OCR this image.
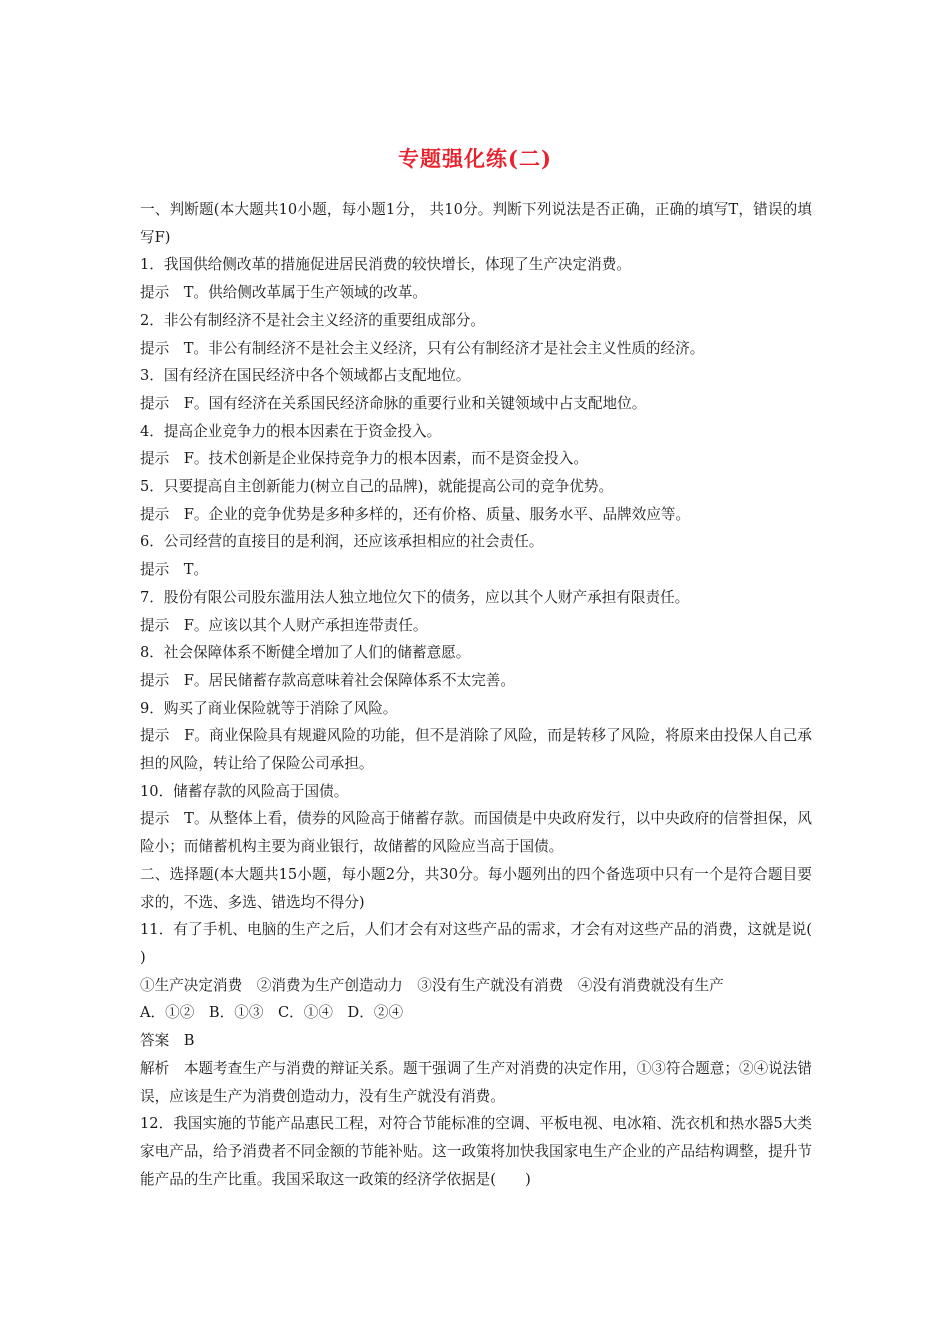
专题强化练(二)

一、判断题(本大题共10小题，每小题1分， 共10分。判断下列说法是否正确，正确的填写T，错误的填写F)

1．我国供给侧改革的措施促进居民消费的较快增长，体现了生产决定消费。

提示　T。供给侧改革属于生产领域的改革。

2．非公有制经济不是社会主义经济的重要组成部分。

提示　T。非公有制经济不是社会主义经济，只有公有制经济才是社会主义性质的经济。

3．国有经济在国民经济中各个领域都占支配地位。

提示　F。国有经济在关系国民经济命脉的重要行业和关键领域中占支配地位。

4．提高企业竞争力的根本因素在于资金投入。

提示　F。技术创新是企业保持竞争力的根本因素，而不是资金投入。

5．只要提高自主创新能力(树立自己的品牌)，就能提高公司的竞争优势。

提示　F。企业的竞争优势是多种多样的，还有价格、质量、服务水平、品牌效应等。

6．公司经营的直接目的是利润，还应该承担相应的社会责任。

提示　T。

7．股份有限公司股东滥用法人独立地位欠下的债务，应以其个人财产承担有限责任。

提示　F。应该以其个人财产承担连带责任。

8．社会保障体系不断健全增加了人们的储蓄意愿。

提示　F。居民储蓄存款高意味着社会保障体系不太完善。

9．购买了商业保险就等于消除了风险。

提示　F。商业保险具有规避风险的功能，但不是消除了风险，而是转移了风险，将原来由投保人自己承担的风险，转让给了保险公司承担。

10．储蓄存款的风险高于国债。

提示　T。从整体上看，债券的风险高于储蓄存款。而国债是中央政府发行，以中央政府的信誉担保，风险小；而储蓄机构主要为商业银行，故储蓄的风险应当高于国债。

二、选择题(本大题共15小题，每小题2分，共30分。每小题列出的四个备选项中只有一个是符合题目要求的，不选、多选、错选均不得分)

11．有了手机、电脑的生产之后，人们才会有对这些产品的需求，才会有对这些产品的消费，这就是说(　　)

①生产决定消费　②消费为生产创造动力　③没有生产就没有消费　④没有消费就没有生产

A．①②　B．①③　C．①④　D．②④

答案　B

解析　本题考查生产与消费的辩证关系。题干强调了生产对消费的决定作用，①③符合题意；②④说法错误，应该是生产为消费创造动力，没有生产就没有消费。

12．我国实施的节能产品惠民工程，对符合节能标准的空调、平板电视、电冰箱、洗衣机和热水器5大类家电产品，给予消费者不同金额的节能补贴。这一政策将加快我国家电生产企业的产品结构调整，提升节能产品的生产比重。我国采取这一政策的经济学依据是(　　)
